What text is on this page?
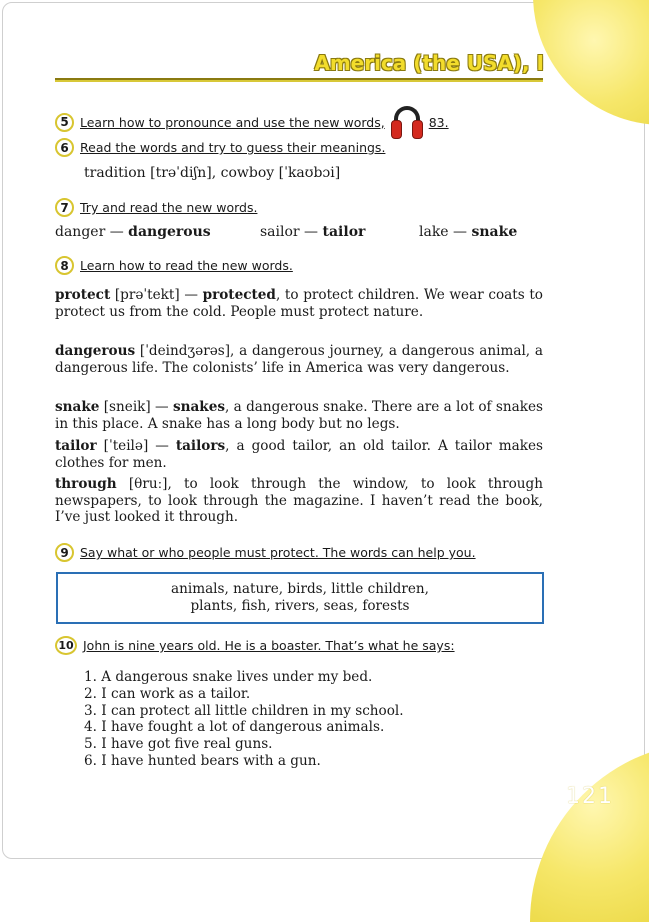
121
America (the USA), I
5 Learn how to pronounce and use the new words,	83.
6 Read the words and try to guess their meanings.
tradition [trəˈdiʃn], cowboy [ˈkaʊbɔi]
7 Try and read the new words.
danger — dangerous	sailor — tailor	lake — snake
8 Learn how to read the new words.
protect [prəˈtekt] — protected, to protect children. We wear coats to protect us from the cold. People must protect nature.
dangerous [ˈdeindʒərəs], a dangerous journey, a dangerous animal, a dangerous life. The colonists’ life in America was very dangerous.
snake [sneik] — snakes, a dangerous snake. There are a lot of snakes in this place. A snake has a long body but no legs.
tailor [ˈteilə] — tailors, a good tailor, an old tailor. A tailor makes clothes for men.
through [θruː], to look through the window, to look through newspapers, to look through the magazine. I haven’t read the book, I’ve just looked it through.
9 Say what or who people must protect. The words can help you.
animals, nature, birds, little children,
plants, fish, rivers, seas, forests
10 John is nine years old. He is a boaster. That’s what he says:
1. A dangerous snake lives under my bed.
2. I can work as a tailor.
3. I can protect all little children in my school.
4. I have fought a lot of dangerous animals.
5. I have got five real guns.
6. I have hunted bears with a gun.
